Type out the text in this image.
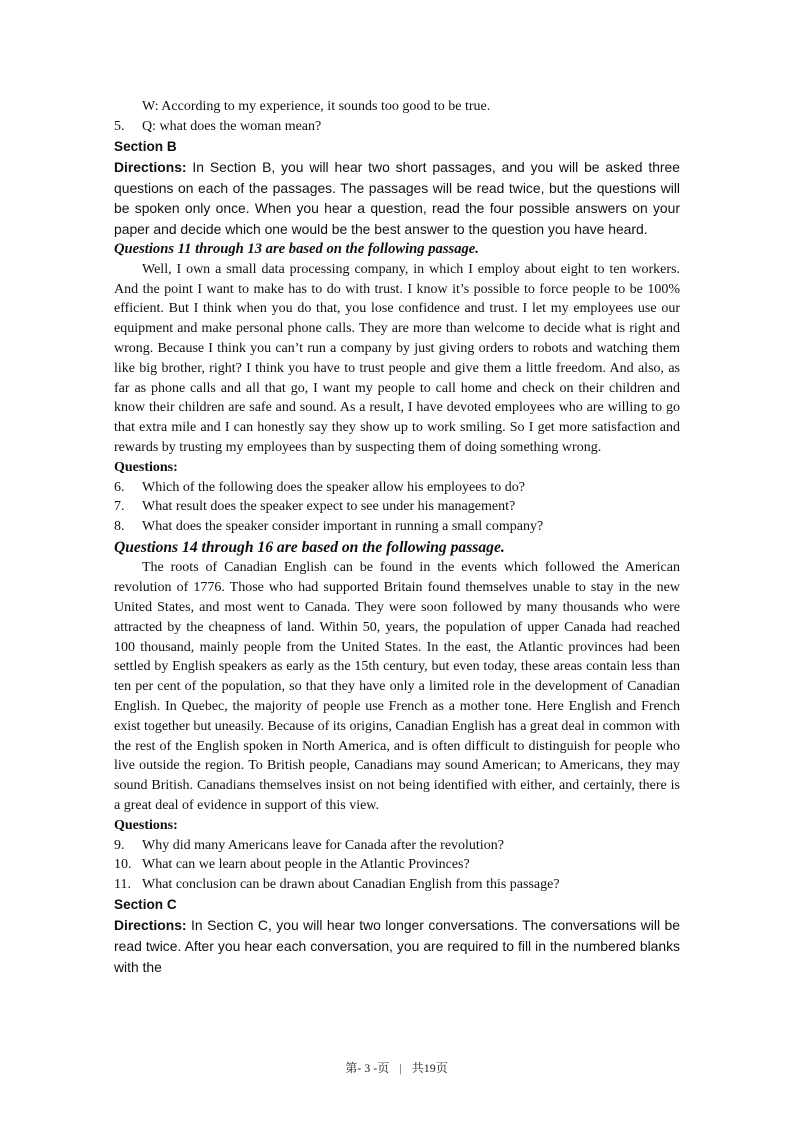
W: According to my experience, it sounds too good to be true.

5.	Q: what does the woman mean?

Section B

Directions: In Section B, you will hear two short passages, and you will be asked three questions on each of the passages. The passages will be read twice, but the questions will be spoken only once. When you hear a question, read the four possible answers on your paper and decide which one would be the best answer to the question you have heard.

Questions 11 through 13 are based on the following passage.

Well, I own a small data processing company, in which I employ about eight to ten workers. And the point I want to make has to do with trust. I know it’s possible to force people to be 100% efficient. But I think when you do that, you lose confidence and trust. I let my employees use our equipment and make personal phone calls. They are more than welcome to decide what is right and wrong. Because I think you can’t run a company by just giving orders to robots and watching them like big brother, right? I think you have to trust people and give them a little freedom. And also, as far as phone calls and all that go, I want my people to call home and check on their children and know their children are safe and sound. As a result, I have devoted employees who are willing to go that extra mile and I can honestly say they show up to work smiling. So I get more satisfaction and rewards by trusting my employees than by suspecting them of doing something wrong.

Questions:

6.	Which of the following does the speaker allow his employees to do?
7.	What result does the speaker expect to see under his management?
8.	What does the speaker consider important in running a small company?

Questions 14 through 16 are based on the following passage.

The roots of Canadian English can be found in the events which followed the American revolution of 1776. Those who had supported Britain found themselves unable to stay in the new United States, and most went to Canada. They were soon followed by many thousands who were attracted by the cheapness of land. Within 50, years, the population of upper Canada had reached 100 thousand, mainly people from the United States. In the east, the Atlantic provinces had been settled by English speakers as early as the 15th century, but even today, these areas contain less than ten per cent of the population, so that they have only a limited role in the development of Canadian English. In Quebec, the majority of people use French as a mother tone. Here English and French exist together but uneasily. Because of its origins, Canadian English has a great deal in common with the rest of the English spoken in North America, and is often difficult to distinguish for people who live outside the region. To British people, Canadians may sound American; to Americans, they may sound British. Canadians themselves insist on not being identified with either, and certainly, there is a great deal of evidence in support of this view.

Questions:

9.	Why did many Americans leave for Canada after the revolution?
10. What can we learn about people in the Atlantic Provinces?
11. What conclusion can be drawn about Canadian English from this passage?

Section C

Directions: In Section C, you will hear two longer conversations. The conversations will be read twice. After you hear each conversation, you are required to fill in the numbered blanks with the

第- 3 -页 | 共19页
